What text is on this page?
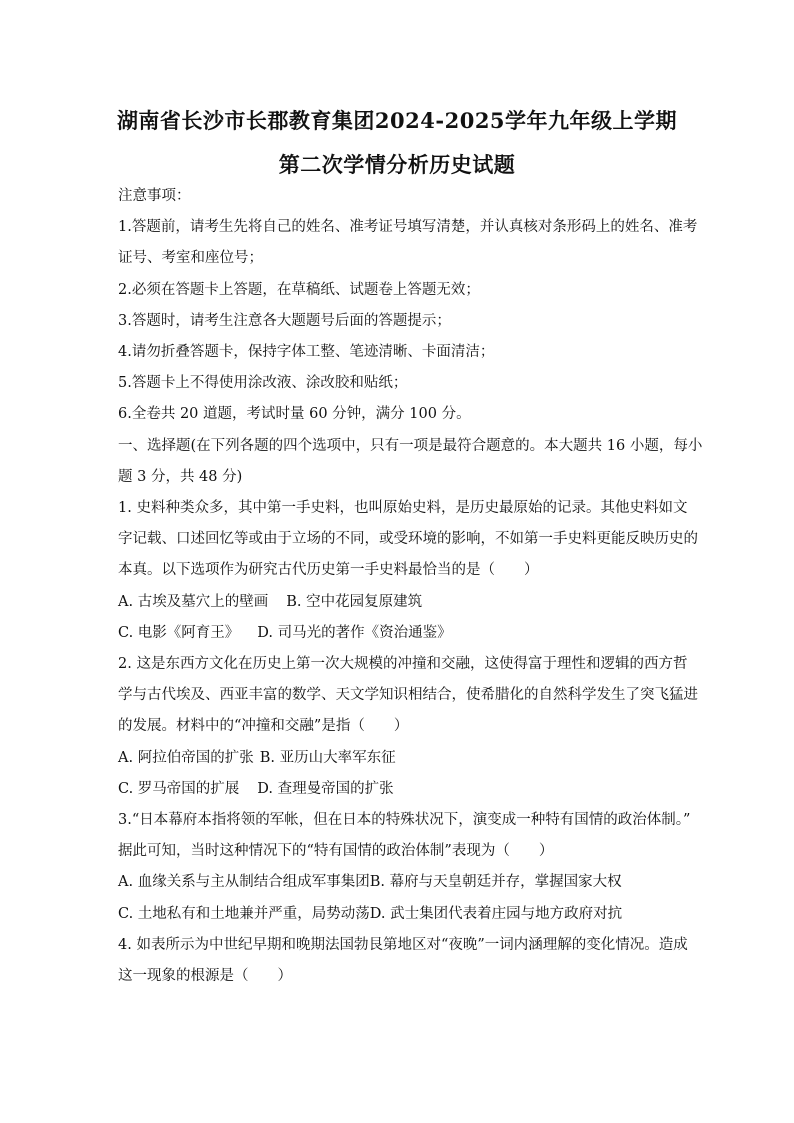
湖南省长沙市长郡教育集团2024-2025学年九年级上学期
第二次学情分析历史试题
注意事项：
1.答题前，请考生先将自己的姓名、准考证号填写清楚，并认真核对条形码上的姓名、准考
证号、考室和座位号；
2.必须在答题卡上答题，在草稿纸、试题卷上答题无效；
3.答题时，请考生注意各大题题号后面的答题提示；
4.请勿折叠答题卡，保持字体工整、笔迹清晰、卡面清洁；
5.答题卡上不得使用涂改液、涂改胶和贴纸；
6.全卷共 20 道题，考试时量 60 分钟，满分 100 分。
一、选择题(在下列各题的四个选项中，只有一项是最符合题意的。本大题共 16 小题，每小
题 3 分，共 48 分)
1. 史料种类众多，其中第一手史料，也叫原始史料，是历史最原始的记录。其他史料如文
字记载、口述回忆等或由于立场的不同，或受环境的影响，不如第一手史料更能反映历史的
本真。以下选项作为研究古代历史第一手史料最恰当的是（　　）
A. 古埃及墓穴上的壁画 B. 空中花园复原建筑
C. 电影《阿育王》 D. 司马光的著作《资治通鉴》
2. 这是东西方文化在历史上第一次大规模的冲撞和交融，这使得富于理性和逻辑的西方哲
学与古代埃及、西亚丰富的数学、天文学知识相结合，使希腊化的自然科学发生了突飞猛进
的发展。材料中的“冲撞和交融”是指（　　）
A. 阿拉伯帝国的扩张 B. 亚历山大率军东征
C. 罗马帝国的扩展 D. 查理曼帝国的扩张
3.“日本幕府本指将领的军帐，但在日本的特殊状况下，演变成一种特有国情的政治体制。”
据此可知，当时这种情况下的“特有国情的政治体制”表现为（　　）
A. 血缘关系与主从制结合组成军事集团B. 幕府与天皇朝廷并存，掌握国家大权
C. 土地私有和土地兼并严重，局势动荡D. 武士集团代表着庄园与地方政府对抗
4. 如表所示为中世纪早期和晚期法国勃艮第地区对“夜晚”一词内涵理解的变化情况。造成
这一现象的根源是（　　）
